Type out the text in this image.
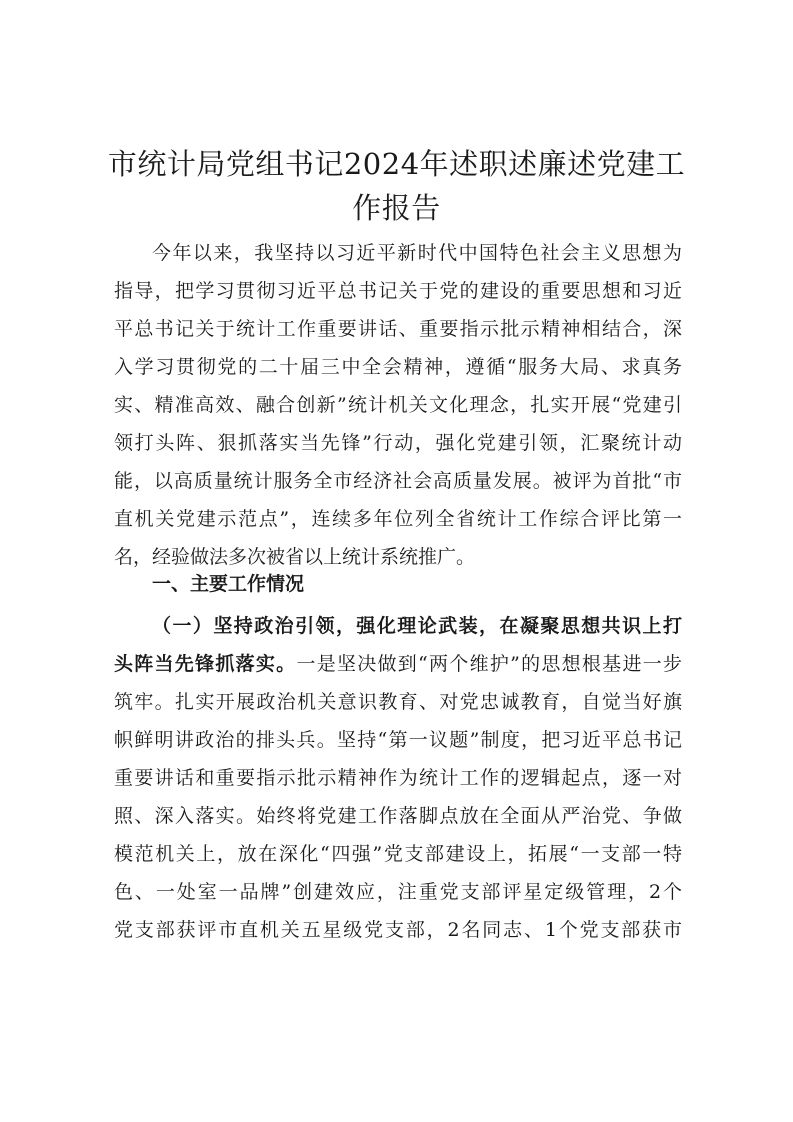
市统计局党组书记2024年述职述廉述党建工
作报告

今年以来，我坚持以习近平新时代中国特色社会主义思想为

指导，把学习贯彻习近平总书记关于党的建设的重要思想和习近

平总书记关于统计工作重要讲话、重要指示批示精神相结合，深

入学习贯彻党的二十届三中全会精神，遵循“服务大局、求真务

实、精准高效、融合创新”统计机关文化理念，扎实开展“党建引

领打头阵、狠抓落实当先锋”行动，强化党建引领，汇聚统计动

能，以高质量统计服务全市经济社会高质量发展。被评为首批“市

直机关党建示范点”，连续多年位列全省统计工作综合评比第一

名，经验做法多次被省以上统计系统推广。

一、主要工作情况

（一）坚持政治引领，强化理论武装，在凝聚思想共识上打

头阵当先锋抓落实。一是坚决做到“两个维护”的思想根基进一步

筑牢。扎实开展政治机关意识教育、对党忠诚教育，自觉当好旗

帜鲜明讲政治的排头兵。坚持“第一议题”制度，把习近平总书记

重要讲话和重要指示批示精神作为统计工作的逻辑起点，逐一对

照、深入落实。始终将党建工作落脚点放在全面从严治党、争做

模范机关上，放在深化“四强”党支部建设上，拓展“一支部一特

色、一处室一品牌”创建效应，注重党支部评星定级管理，2个

党支部获评市直机关五星级党支部，2名同志、1个党支部获市
